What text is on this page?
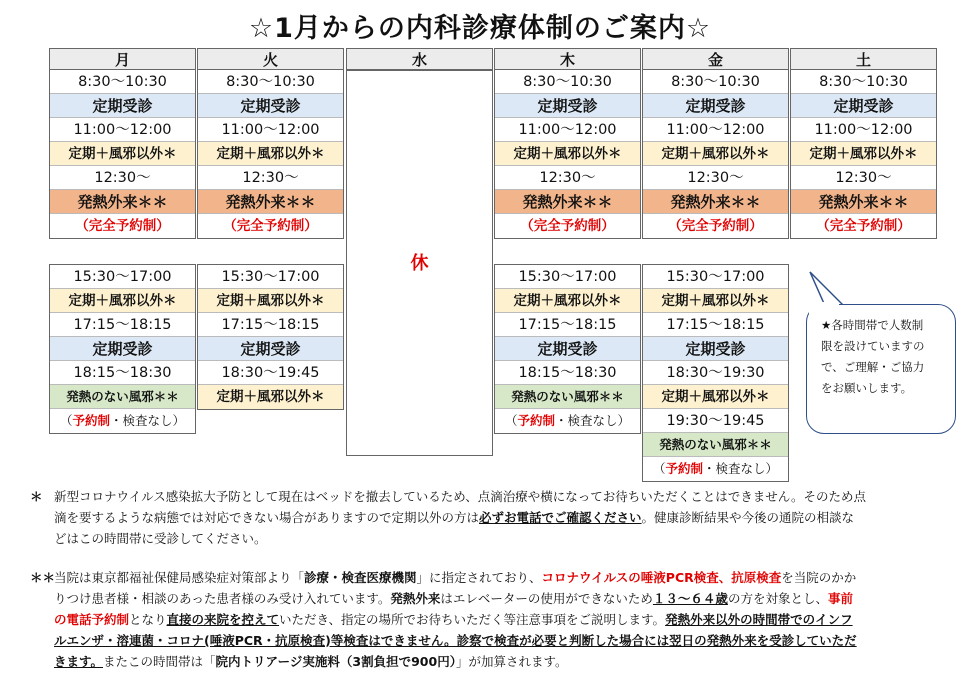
☆1月からの内科診療体制のご案内☆
月
8:30～10:30
定期受診
11:00～12:00
定期＋風邪以外＊
12:30～
発熱外来＊＊
（完全予約制）
15:30～17:00
定期＋風邪以外＊
17:15～18:15
定期受診
18:15～18:30
発熱のない風邪＊＊
（予約制・検査なし）
火
8:30～10:30
定期受診
11:00～12:00
定期＋風邪以外＊
12:30～
発熱外来＊＊
（完全予約制）
15:30～17:00
定期＋風邪以外＊
17:15～18:15
定期受診
18:30～19:45
定期＋風邪以外＊
水
休
木
8:30～10:30
定期受診
11:00～12:00
定期＋風邪以外＊
12:30～
発熱外来＊＊
（完全予約制）
15:30～17:00
定期＋風邪以外＊
17:15～18:15
定期受診
18:15～18:30
発熱のない風邪＊＊
（予約制・検査なし）
金
8:30～10:30
定期受診
11:00～12:00
定期＋風邪以外＊
12:30～
発熱外来＊＊
（完全予約制）
15:30～17:00
定期＋風邪以外＊
17:15～18:15
定期受診
18:30～19:30
定期＋風邪以外＊
19:30～19:45
発熱のない風邪＊＊
（予約制・検査なし）
土
8:30～10:30
定期受診
11:00～12:00
定期＋風邪以外＊
12:30～
発熱外来＊＊
（完全予約制）
★各時間帯で人数制
限を設けていますの
で、ご理解・ご協力
をお願いします。
＊ 新型コロナウイルス感染拡大予防として現在はベッドを撤去しているため、点滴治療や横になってお待ちいただくことはできません。そのため点
滴を要するような病態では対応できない場合がありますので定期以外の方は必ずお電話でご確認ください。健康診断結果や今後の通院の相談な
どはこの時間帯に受診してください。
＊＊
当院は東京都福祉保健局感染症対策部より「診療・検査医療機関」に指定されており、コロナウイルスの唾液PCR検査、抗原検査を当院のかか
りつけ患者様・相談のあった患者様のみ受け入れています。発熱外来はエレベーターの使用ができないため１３～６４歳の方を対象とし、事前
の電話予約制となり直接の来院を控えていただき、指定の場所でお待ちいただく等注意事項をご説明します。発熱外来以外の時間帯でのインフ
ルエンザ・溶連菌・コロナ(唾液PCR・抗原検査)等検査はできません。診察で検査が必要と判断した場合には翌日の発熱外来を受診していただ
きます。またこの時間帯は「院内トリアージ実施料（3割負担で900円）」が加算されます。
